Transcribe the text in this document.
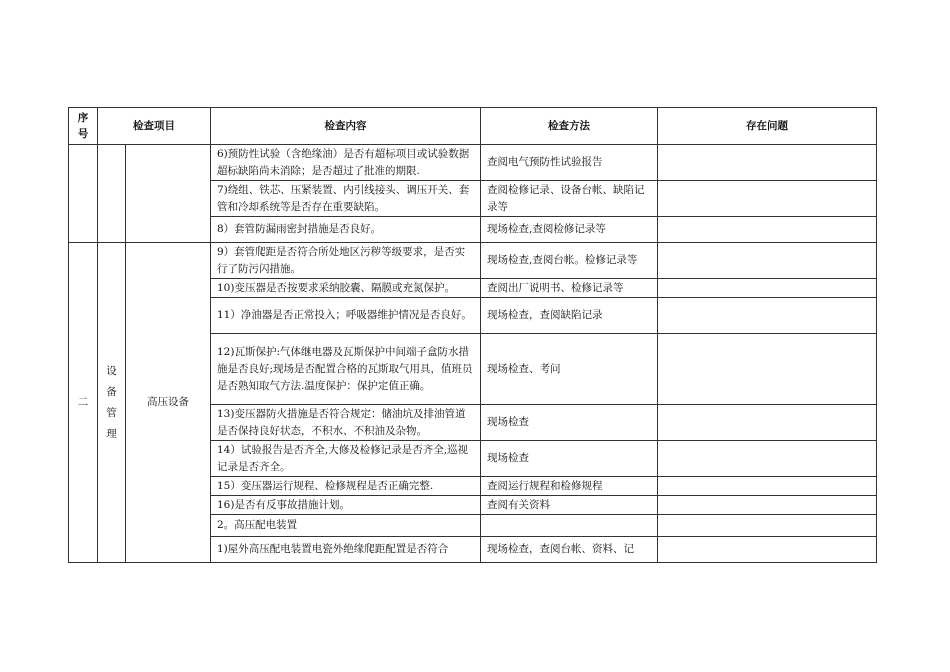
序号	检查项目		检查内容	检查方法	存在问题
			6)预防性试验（含绝缘油）是否有超标项目或试验数据超标缺陷尚未消除；是否超过了批准的期限.	查阅电气预防性试验报告	
			7)绕组、铁芯、压紧装置、内引线接头、调压开关、套管和冷却系统等是否存在重要缺陷。	查阅检修记录、设备台帐、缺陷记录等	
			8）套管防漏雨密封措施是否良好。	现场检查,查阅检修记录等	
二	设备管理	高压设备	9）套管爬距是否符合所处地区污秽等级要求，是否实行了防污闪措施。	现场检查,查阅台帐。检修记录等	
			10)变压器是否按要求采纳胶囊、隔膜或充氮保护。	查阅出厂说明书、检修记录等	
			11）净油器是否正常投入；呼吸器维护情况是否良好。	现场检查，查阅缺陷记录	
			12)瓦斯保护:气体继电器及瓦斯保护中间端子盒防水措施是否良好;现场是否配置合格的瓦斯取气用具，值班员是否熟知取气方法.温度保护：保护定值正确。	现场检查、考问	
			13)变压器防火措施是否符合规定：储油坑及排油管道是否保持良好状态，不积水、不积油及杂物。	现场检查	
			14）试验报告是否齐全,大修及检修记录是否齐全,巡视记录是否齐全。	现场检查	
			15）变压器运行规程、检修规程是否正确完整.	查阅运行规程和检修规程	
			16)是否有反事故措施计划。	查阅有关资料	
			2。高压配电装置		
			1)屋外高压配电装置电瓷外绝缘爬距配置是否符合	现场检查，查阅台帐、资料、记	
